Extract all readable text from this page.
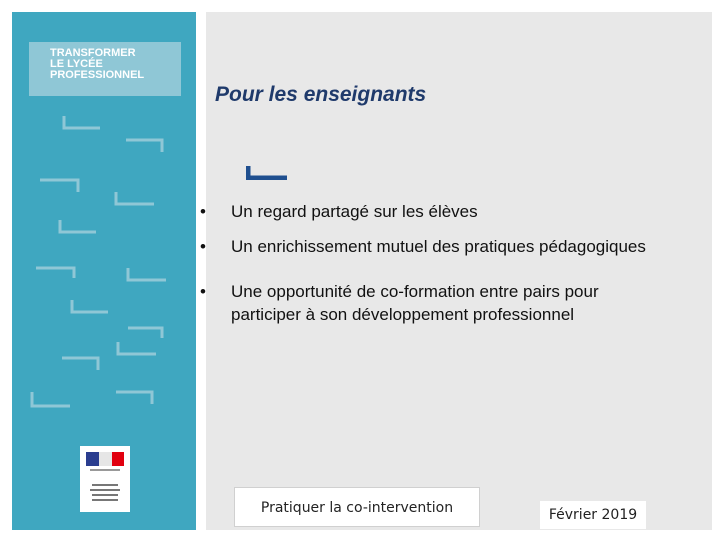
TRANSFORMER
LE LYCÉE
PROFESSIONNEL
Pour les enseignants
• Un regard partagé sur les élèves
• Un enrichissement mutuel des pratiques pédagogiques
• Une opportunité de co-formation entre pairs pour participer à son développement professionnel
Pratiquer la co-intervention	Février 2019
